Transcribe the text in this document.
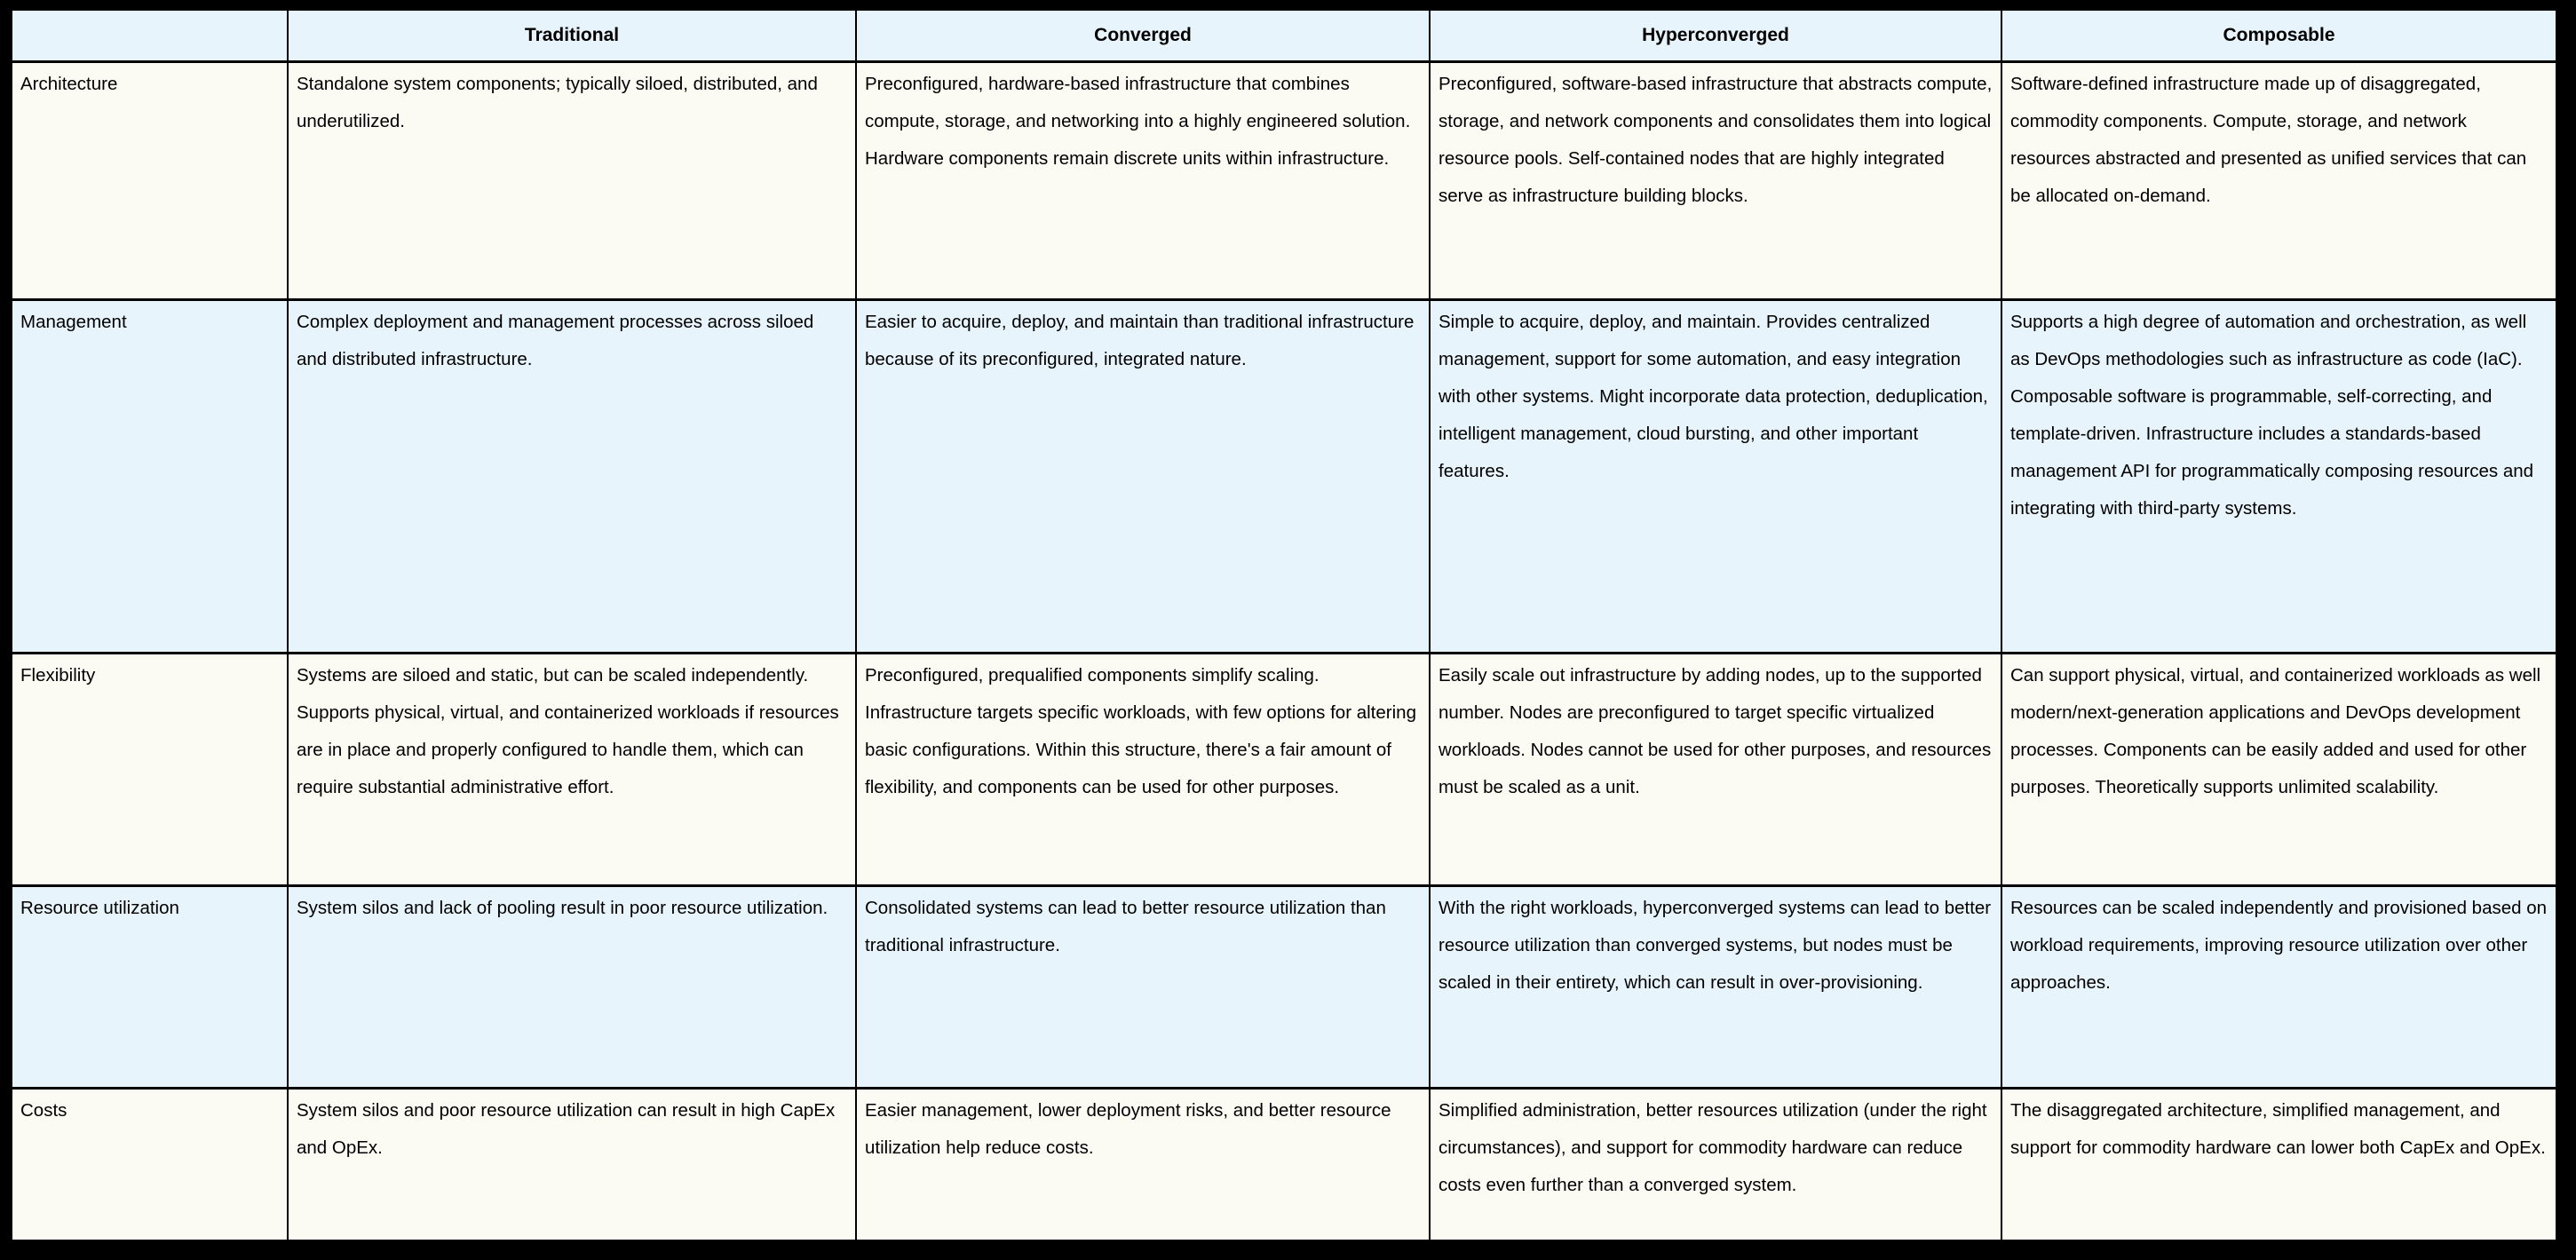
	Traditional	Converged	Hyperconverged	Composable
Architecture	Standalone system components; typically siloed, distributed, and underutilized.	Preconfigured, hardware-based infrastructure that combines compute, storage, and networking into a highly engineered solution. Hardware components remain discrete units within infrastructure.	Preconfigured, software-based infrastructure that abstracts compute, storage, and network components and consolidates them into logical resource pools. Self-contained nodes that are highly integrated serve as infrastructure building blocks.	Software-defined infrastructure made up of disaggregated, commodity components. Compute, storage, and network resources abstracted and presented as unified services that can be allocated on-demand.
Management	Complex deployment and management processes across siloed and distributed infrastructure.	Easier to acquire, deploy, and maintain than traditional infrastructure because of its preconfigured, integrated nature.	Simple to acquire, deploy, and maintain. Provides centralized management, support for some automation, and easy integration with other systems. Might incorporate data protection, deduplication, intelligent management, cloud bursting, and other important features.	Supports a high degree of automation and orchestration, as well as DevOps methodologies such as infrastructure as code (IaC). Composable software is programmable, self-correcting, and template-driven. Infrastructure includes a standards-based management API for programmatically composing resources and integrating with third-party systems.
Flexibility	Systems are siloed and static, but can be scaled independently. Supports physical, virtual, and containerized workloads if resources are in place and properly configured to handle them, which can require substantial administrative effort.	Preconfigured, prequalified components simplify scaling. Infrastructure targets specific workloads, with few options for altering basic configurations. Within this structure, there's a fair amount of flexibility, and components can be used for other purposes.	Easily scale out infrastructure by adding nodes, up to the supported number. Nodes are preconfigured to target specific virtualized workloads. Nodes cannot be used for other purposes, and resources must be scaled as a unit.	Can support physical, virtual, and containerized workloads as well modern/next-generation applications and DevOps development processes. Components can be easily added and used for other purposes. Theoretically supports unlimited scalability.
Resource utilization	System silos and lack of pooling result in poor resource utilization.	Consolidated systems can lead to better resource utilization than traditional infrastructure.	With the right workloads, hyperconverged systems can lead to better resource utilization than converged systems, but nodes must be scaled in their entirety, which can result in over-provisioning.	Resources can be scaled independently and provisioned based on workload requirements, improving resource utilization over other approaches.
Costs	System silos and poor resource utilization can result in high CapEx and OpEx.	Easier management, lower deployment risks, and better resource utilization help reduce costs.	Simplified administration, better resources utilization (under the right circumstances), and support for commodity hardware can reduce costs even further than a converged system.	The disaggregated architecture, simplified management, and support for commodity hardware can lower both CapEx and OpEx.
